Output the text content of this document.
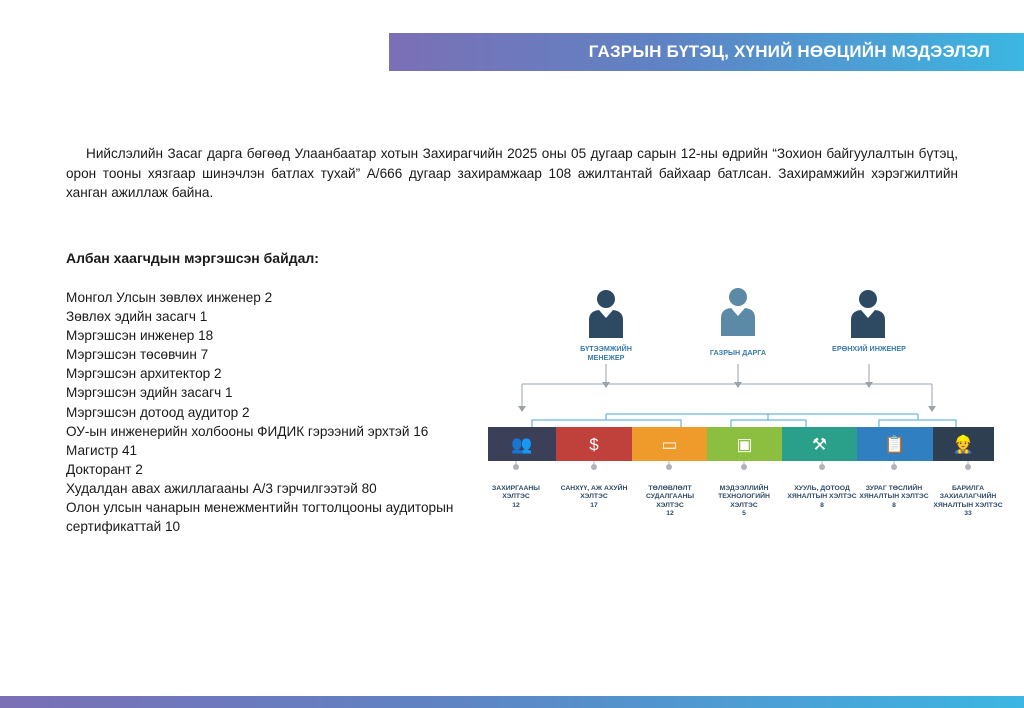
ГАЗРЫН БҮТЭЦ, ХҮНИЙ НӨӨЦИЙН МЭДЭЭЛЭЛ

Нийслэлийн Засаг дарга бөгөөд Улаанбаатар хотын Захирагчийн 2025 оны 05 дугаар сарын 12-ны өдрийн “Зохион байгуулалтын бүтэц, орон тооны хязгаар шинэчлэн батлах тухай” А/666 дугаар захирамжаар 108 ажилтантай байхаар батлсан. Захирамжийн хэрэгжилтийн ханган ажиллаж байна.

Албан хаагчдын мэргэшсэн байдал:

Монгол Улсын зөвлөх инженер 2
Зөвлөх эдийн засагч 1
Мэргэшсэн инженер 18
Мэргэшсэн төсөвчин 7
Мэргэшсэн архитектор 2
Мэргэшсэн эдийн засагч 1
Мэргэшсэн дотоод аудитор 2
ОУ-ын инженерийн холбооны ФИДИК гэрээний эрхтэй 16
Магистр 41
Докторант 2
Худалдан авах ажиллагааны А/3 гэрчилгээтэй 80
Олон улсын чанарын менежментийн тогтолцооны аудиторын сертификаттай 10
БҮТЭЭМЖИЙН МЕНЕЖЕР
ГАЗРЫН ДАРГА	ЕРӨНХИЙ ИНЖЕНЕР
👥	$	▭	▣	⚒	📋	👷
ЗАХИРГААНЫ ХЭЛТЭС
12
САНХҮҮ, АЖ АХУЙН ХЭЛТЭС
17
ТӨЛӨВЛӨЛТ СУДАЛГААНЫ ХЭЛТЭС
12
МЭДЭЭЛЛИЙН ТЕХНОЛОГИЙН ХЭЛТЭС
5
ХУУЛЬ, ДОТООД ХЯНАЛТЫН ХЭЛТЭС
8
ЗУРАГ ТӨСЛИЙН ХЯНАЛТЫН ХЭЛТЭС
8
БАРИЛГА ЗАХИАЛАГЧИЙН ХЯНАЛТЫН ХЭЛТЭС
33
